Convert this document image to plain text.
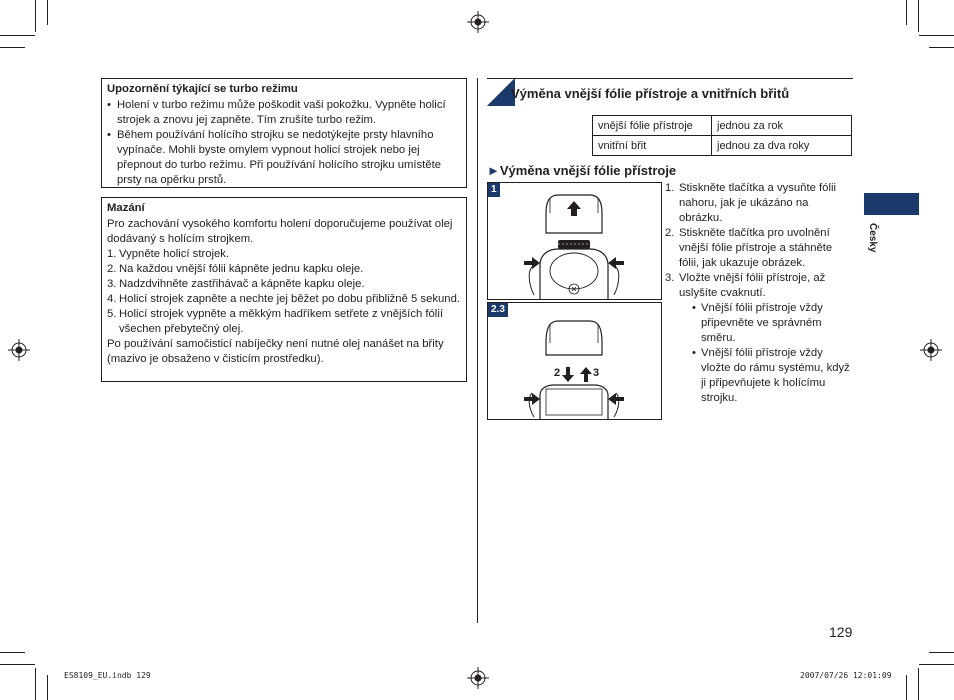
Upozornění týkající se turbo režimu
• Holení v turbo režimu může poškodit vaši pokožku. Vypněte holicí strojek a znovu jej zapněte. Tím zrušíte turbo režim.
• Během používání holícího strojku se nedotýkejte prsty hlavního vypínače. Mohli byste omylem vypnout holicí strojek nebo jej přepnout do turbo režimu. Při používání holícího strojku umístěte prsty na opěrku prstů.
Mazání

Pro zachování vysokého komfortu holení doporučujeme používat olej dodávaný s holícím strojkem.

1. Vypněte holicí strojek.
2. Na každou vnější fólii kápněte jednu kapku oleje.
3. Nadzdvihněte zastřihávač a kápněte kapku oleje.
4. Holicí strojek zapněte a nechte jej běžet po dobu přibližně 5 sekund.
5. Holicí strojek vypněte a měkkým hadříkem setřete z vnějších fólií všechen přebytečný olej.

Po používání samočisticí nabíječky není nutné olej nanášet na břity (mazivo je obsaženo v čisticím prostředku).

Výměna vnější fólie přístroje a vnitřních břitů
vnější fólie přístroje	jednou za rok
vnitřní břit	jednou za dva roky
►Výměna vnější fólie přístroje
1
2.3
2	3
1. Stiskněte tlačítka a vysuňte fólii nahoru, jak je ukázáno na obrázku.
2. Stiskněte tlačítka pro uvolnění vnější fólie přístroje a stáhněte fólii, jak ukazuje obrázek.
3. Vložte vnější fólii přístroje, až uslyšíte cvaknutí.
• Vnější fólii přístroje vždy připevněte ve správném směru.
• Vnější fólii přístroje vždy vložte do rámu systému, když ji připevňujete k holícímu strojku.
Česky
129
ES8109_EU.indb 129	2007/07/26 12:01:09
